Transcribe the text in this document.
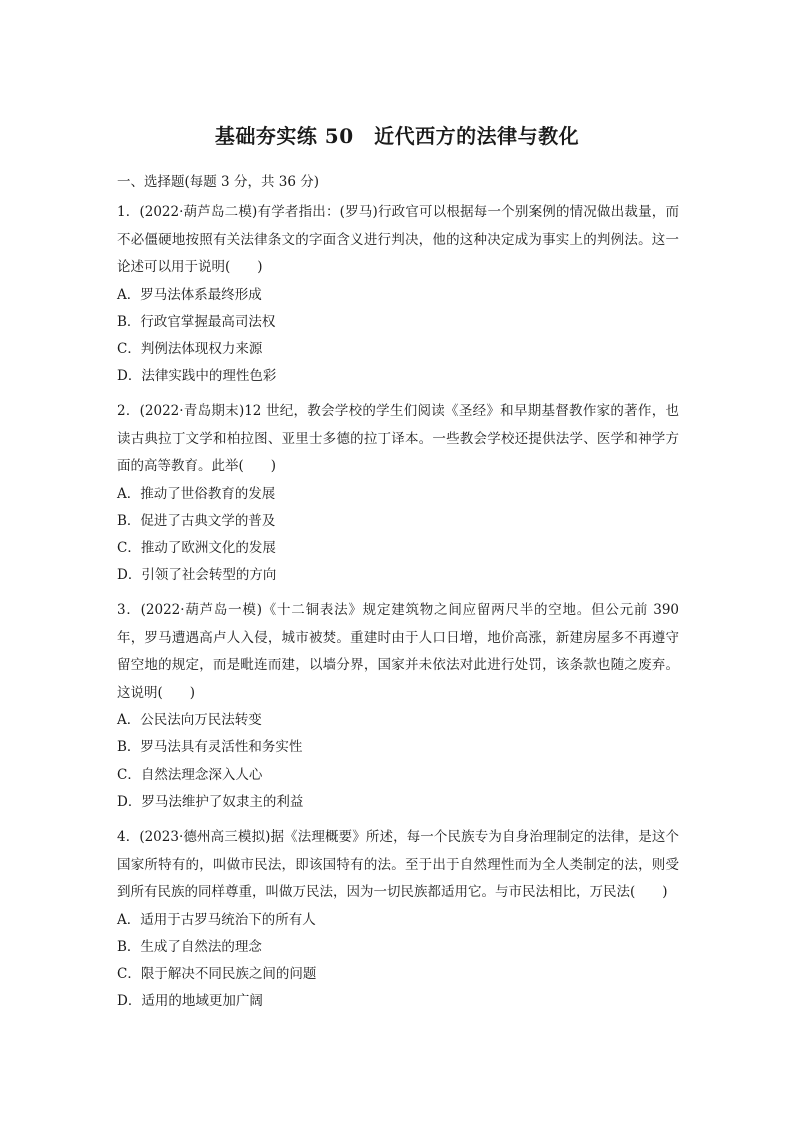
基础夯实练 50　近代西方的法律与教化
一、选择题(每题 3 分，共 36 分)
1．(2022·葫芦岛二模)有学者指出：(罗马)行政官可以根据每一个别案例的情况做出裁量，而不必僵硬地按照有关法律条文的字面含义进行判决，他的这种决定成为事实上的判例法。这一论述可以用于说明(　　)
A．罗马法体系最终形成
B．行政官掌握最高司法权
C．判例法体现权力来源
D．法律实践中的理性色彩
2．(2022·青岛期末)12 世纪，教会学校的学生们阅读《圣经》和早期基督教作家的著作，也读古典拉丁文学和柏拉图、亚里士多德的拉丁译本。一些教会学校还提供法学、医学和神学方面的高等教育。此举(　　)
A．推动了世俗教育的发展
B．促进了古典文学的普及
C．推动了欧洲文化的发展
D．引领了社会转型的方向
3．(2022·葫芦岛一模)《十二铜表法》规定建筑物之间应留两尺半的空地。但公元前 390 年，罗马遭遇高卢人入侵，城市被焚。重建时由于人口日增，地价高涨，新建房屋多不再遵守留空地的规定，而是毗连而建，以墙分界，国家并未依法对此进行处罚，该条款也随之废弃。这说明(　　)
A．公民法向万民法转变
B．罗马法具有灵活性和务实性
C．自然法理念深入人心
D．罗马法维护了奴隶主的利益
4．(2023·德州高三模拟)据《法理概要》所述，每一个民族专为自身治理制定的法律，是这个国家所特有的，叫做市民法，即该国特有的法。至于出于自然理性而为全人类制定的法，则受到所有民族的同样尊重，叫做万民法，因为一切民族都适用它。与市民法相比，万民法(　　)
A．适用于古罗马统治下的所有人
B．生成了自然法的理念
C．限于解决不同民族之间的问题
D．适用的地域更加广阔
